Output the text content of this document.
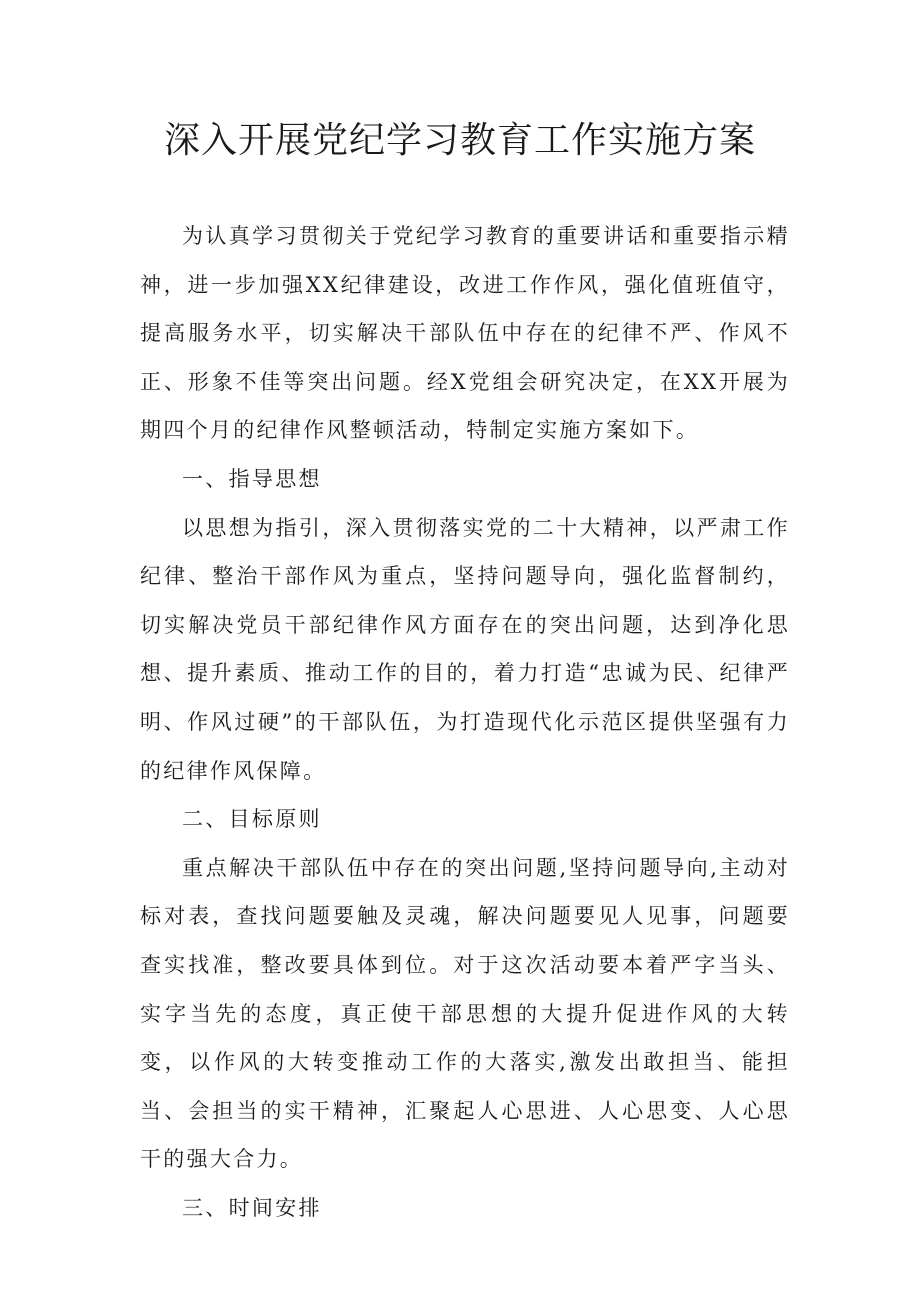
深入开展党纪学习教育工作实施方案

为认真学习贯彻关于党纪学习教育的重要讲话和重要指示精神，进一步加强XX纪律建设，改进工作作风，强化值班值守，提高服务水平，切实解决干部队伍中存在的纪律不严、作风不正、形象不佳等突出问题。经X党组会研究决定，在XX开展为期四个月的纪律作风整顿活动，特制定实施方案如下。

一、指导思想

以思想为指引，深入贯彻落实党的二十大精神，以严肃工作纪律、整治干部作风为重点，坚持问题导向，强化监督制约，切实解决党员干部纪律作风方面存在的突出问题，达到净化思想、提升素质、推动工作的目的，着力打造“忠诚为民、纪律严明、作风过硬”的干部队伍，为打造现代化示范区提供坚强有力的纪律作风保障。

二、目标原则

重点解决干部队伍中存在的突出问题,坚持问题导向,主动对标对表，查找问题要触及灵魂，解决问题要见人见事，问题要查实找准，整改要具体到位。对于这次活动要本着严字当头、实字当先的态度，真正使干部思想的大提升促进作风的大转变，以作风的大转变推动工作的大落实,激发出敢担当、能担当、会担当的实干精神，汇聚起人心思进、人心思变、人心思干的强大合力。

三、时间安排
